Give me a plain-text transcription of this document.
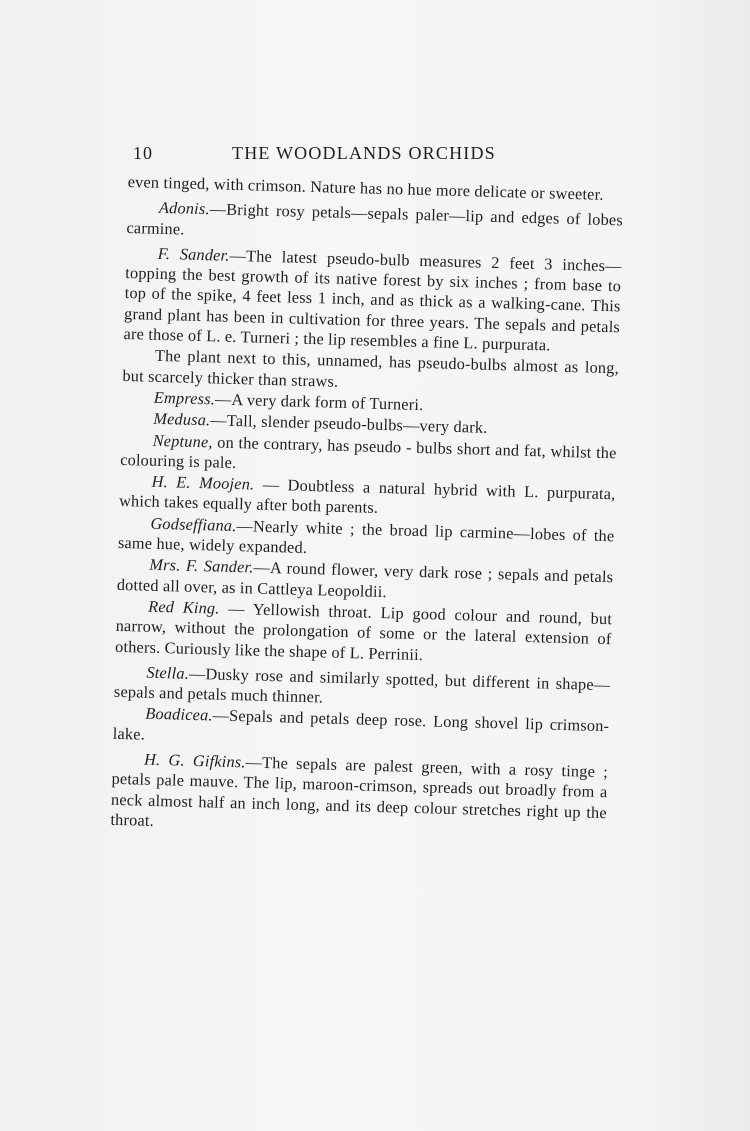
10	THE WOODLANDS ORCHIDS

even tinged, with crimson. Nature has no hue more delicate or sweeter.

Adonis.—Bright rosy petals—sepals paler—lip and edges of lobes carmine.

F. Sander.—The latest pseudo-bulb measures 2 feet 3 inches—topping the best growth of its native forest by six inches ; from base to top of the spike, 4 feet less 1 inch, and as thick as a walking-cane. This grand plant has been in cultivation for three years. The sepals and petals are those of L. e. Turneri ; the lip resembles a fine L. purpurata.

The plant next to this, unnamed, has pseudo-bulbs almost as long, but scarcely thicker than straws.

Empress.—A very dark form of Turneri.

Medusa.—Tall, slender pseudo-bulbs—very dark.

Neptune, on the contrary, has pseudo - bulbs short and fat, whilst the colouring is pale.

H. E. Moojen. — Doubtless a natural hybrid with L. purpurata, which takes equally after both parents.

Godseffiana.—Nearly white ; the broad lip carmine—lobes of the same hue, widely expanded.

Mrs. F. Sander.—A round flower, very dark rose ; sepals and petals dotted all over, as in Cattleya Leopoldii.

Red King. — Yellowish throat. Lip good colour and round, but narrow, without the prolongation of some or the lateral extension of others. Curiously like the shape of L. Perrinii.

Stella.—Dusky rose and similarly spotted, but different in shape—sepals and petals much thinner.

Boadicea.—Sepals and petals deep rose. Long shovel lip crimson-lake.

H. G. Gifkins.—The sepals are palest green, with a rosy tinge ; petals pale mauve. The lip, maroon-crimson, spreads out broadly from a neck almost half an inch long, and its deep colour stretches right up the throat.
